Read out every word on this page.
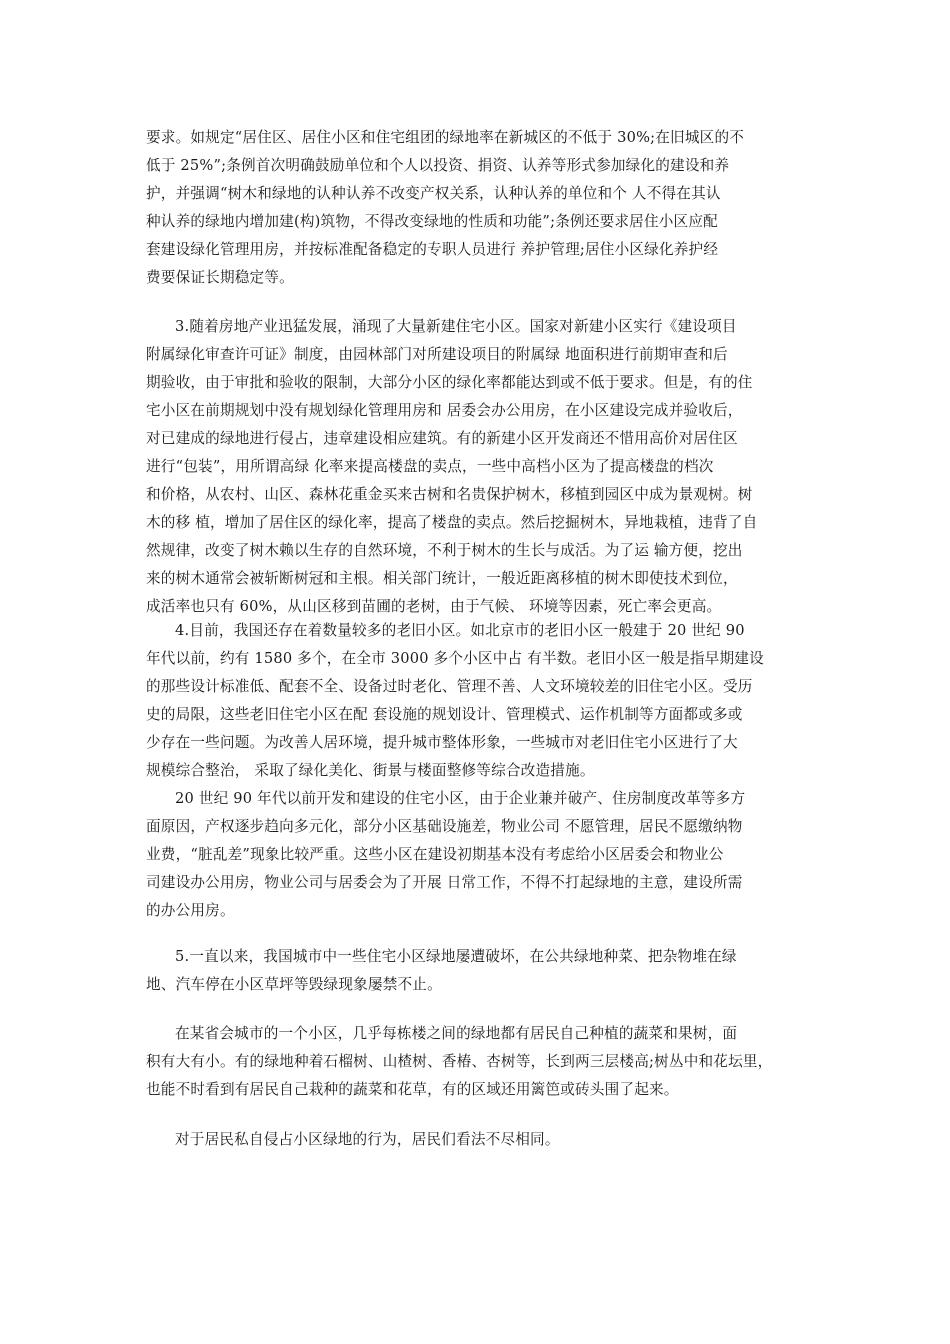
要求。如规定“居住区、居住小区和住宅组团的绿地率在新城区的不低于 30%;在旧城区的不
低于 25%”;条例首次明确鼓励单位和个人以投资、捐资、认养等形式参加绿化的建设和养
护，并强调“树木和绿地的认种认养不改变产权关系，认种认养的单位和个 人不得在其认
种认养的绿地内增加建(构)筑物，不得改变绿地的性质和功能”;条例还要求居住小区应配
套建设绿化管理用房，并按标准配备稳定的专职人员进行 养护管理;居住小区绿化养护经
费要保证长期稳定等。
3.随着房地产业迅猛发展，涌现了大量新建住宅小区。国家对新建小区实行《建设项目
附属绿化审查许可证》制度，由园林部门对所建设项目的附属绿 地面积进行前期审查和后
期验收，由于审批和验收的限制，大部分小区的绿化率都能达到或不低于要求。但是，有的住
宅小区在前期规划中没有规划绿化管理用房和 居委会办公用房，在小区建设完成并验收后，
对已建成的绿地进行侵占，违章建设相应建筑。有的新建小区开发商还不惜用高价对居住区
进行“包装”，用所谓高绿 化率来提高楼盘的卖点，一些中高档小区为了提高楼盘的档次
和价格，从农村、山区、森林花重金买来古树和名贵保护树木，移植到园区中成为景观树。树
木的移 植，增加了居住区的绿化率，提高了楼盘的卖点。然后挖掘树木，异地栽植，违背了自
然规律，改变了树木赖以生存的自然环境，不利于树木的生长与成活。为了运 输方便，挖出
来的树木通常会被斩断树冠和主根。相关部门统计，一般近距离移植的树木即使技术到位，
成活率也只有 60%，从山区移到苗圃的老树，由于气候、 环境等因素，死亡率会更高。
4.目前，我国还存在着数量较多的老旧小区。如北京市的老旧小区一般建于 20 世纪 90
年代以前，约有 1580 多个，在全市 3000 多个小区中占 有半数。老旧小区一般是指早期建设
的那些设计标准低、配套不全、设备过时老化、管理不善、人文环境较差的旧住宅小区。受历
史的局限，这些老旧住宅小区在配 套设施的规划设计、管理模式、运作机制等方面都或多或
少存在一些问题。为改善人居环境，提升城市整体形象，一些城市对老旧住宅小区进行了大
规模综合整治， 采取了绿化美化、街景与楼面整修等综合改造措施。
20 世纪 90 年代以前开发和建设的住宅小区，由于企业兼并破产、住房制度改革等多方
面原因，产权逐步趋向多元化，部分小区基础设施差，物业公司 不愿管理，居民不愿缴纳物
业费，“脏乱差”现象比较严重。这些小区在建设初期基本没有考虑给小区居委会和物业公
司建设办公用房，物业公司与居委会为了开展 日常工作，不得不打起绿地的主意，建设所需
的办公用房。
5.一直以来，我国城市中一些住宅小区绿地屡遭破坏，在公共绿地种菜、把杂物堆在绿
地、汽车停在小区草坪等毁绿现象屡禁不止。
在某省会城市的一个小区，几乎每栋楼之间的绿地都有居民自己种植的蔬菜和果树，面
积有大有小。有的绿地种着石榴树、山楂树、香椿、杏树等，长到两三层楼高;树丛中和花坛里，
也能不时看到有居民自己栽种的蔬菜和花草，有的区域还用篱笆或砖头围了起来。
对于居民私自侵占小区绿地的行为，居民们看法不尽相同。
